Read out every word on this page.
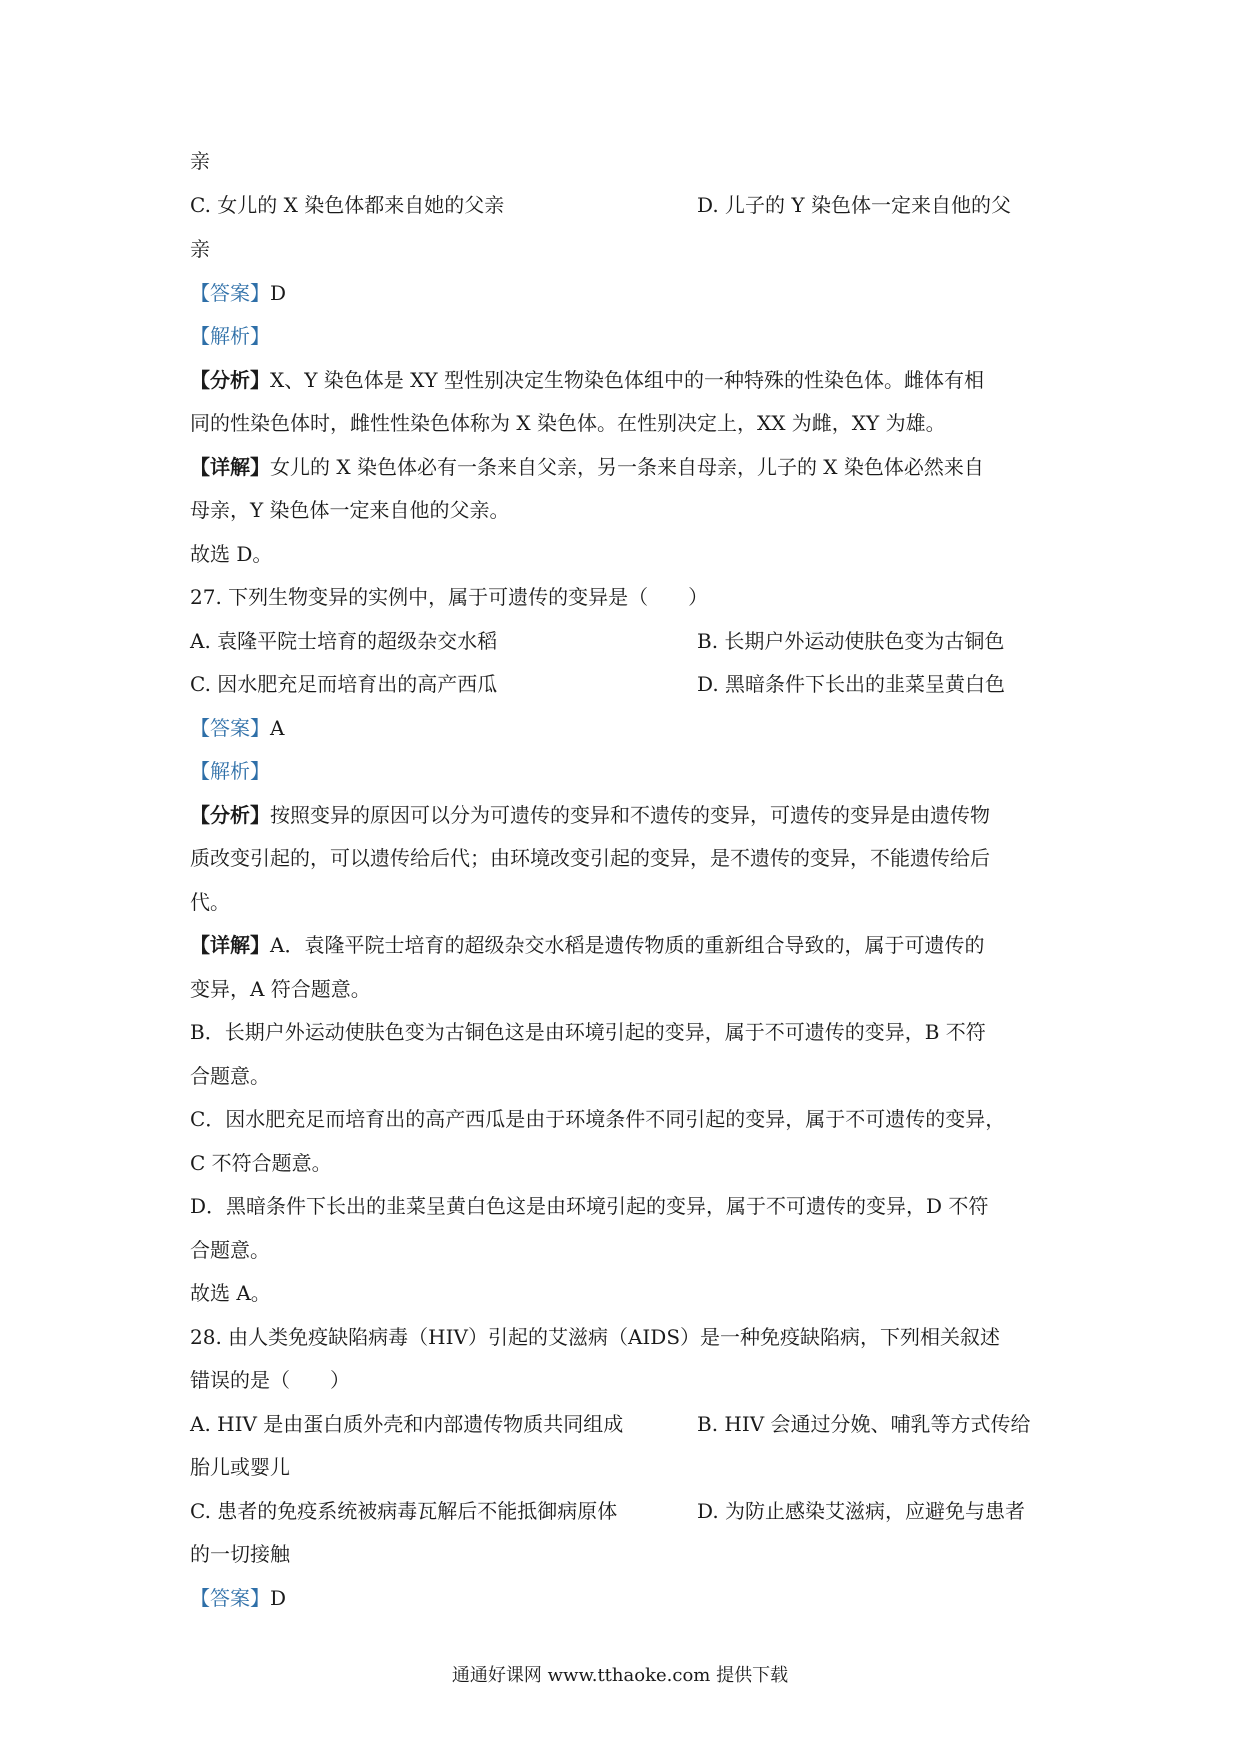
亲
C. 女儿的 X 染色体都来自她的父亲	D. 儿子的 Y 染色体一定来自他的父
亲
【答案】D
【解析】
【分析】X、Y 染色体是 XY 型性别决定生物染色体组中的一种特殊的性染色体。雌体有相
同的性染色体时，雌性性染色体称为 X 染色体。在性别决定上，XX 为雌，XY 为雄。
【详解】女儿的 X 染色体必有一条来自父亲，另一条来自母亲，儿子的 X 染色体必然来自
母亲，Y 染色体一定来自他的父亲。
故选 D。
27. 下列生物变异的实例中，属于可遗传的变异是（　　）
A. 袁隆平院士培育的超级杂交水稻	B. 长期户外运动使肤色变为古铜色
C. 因水肥充足而培育出的高产西瓜	D. 黑暗条件下长出的韭菜呈黄白色
【答案】A
【解析】
【分析】按照变异的原因可以分为可遗传的变异和不遗传的变异，可遗传的变异是由遗传物
质改变引起的，可以遗传给后代；由环境改变引起的变异，是不遗传的变异，不能遗传给后
代。
【详解】A．袁隆平院士培育的超级杂交水稻是遗传物质的重新组合导致的，属于可遗传的
变异，A 符合题意。
B．长期户外运动使肤色变为古铜色这是由环境引起的变异，属于不可遗传的变异，B 不符
合题意。
C．因水肥充足而培育出的高产西瓜是由于环境条件不同引起的变异，属于不可遗传的变异，
C 不符合题意。
D．黑暗条件下长出的韭菜呈黄白色这是由环境引起的变异，属于不可遗传的变异，D 不符
合题意。
故选 A。
28. 由人类免疫缺陷病毒（HIV）引起的艾滋病（AIDS）是一种免疫缺陷病，下列相关叙述
错误的是（　　）
A. HIV 是由蛋白质外壳和内部遗传物质共同组成	B. HIV 会通过分娩、哺乳等方式传给
胎儿或婴儿
C. 患者的免疫系统被病毒瓦解后不能抵御病原体	D. 为防止感染艾滋病，应避免与患者
的一切接触
【答案】D
通通好课网 www.tthaoke.com 提供下载
